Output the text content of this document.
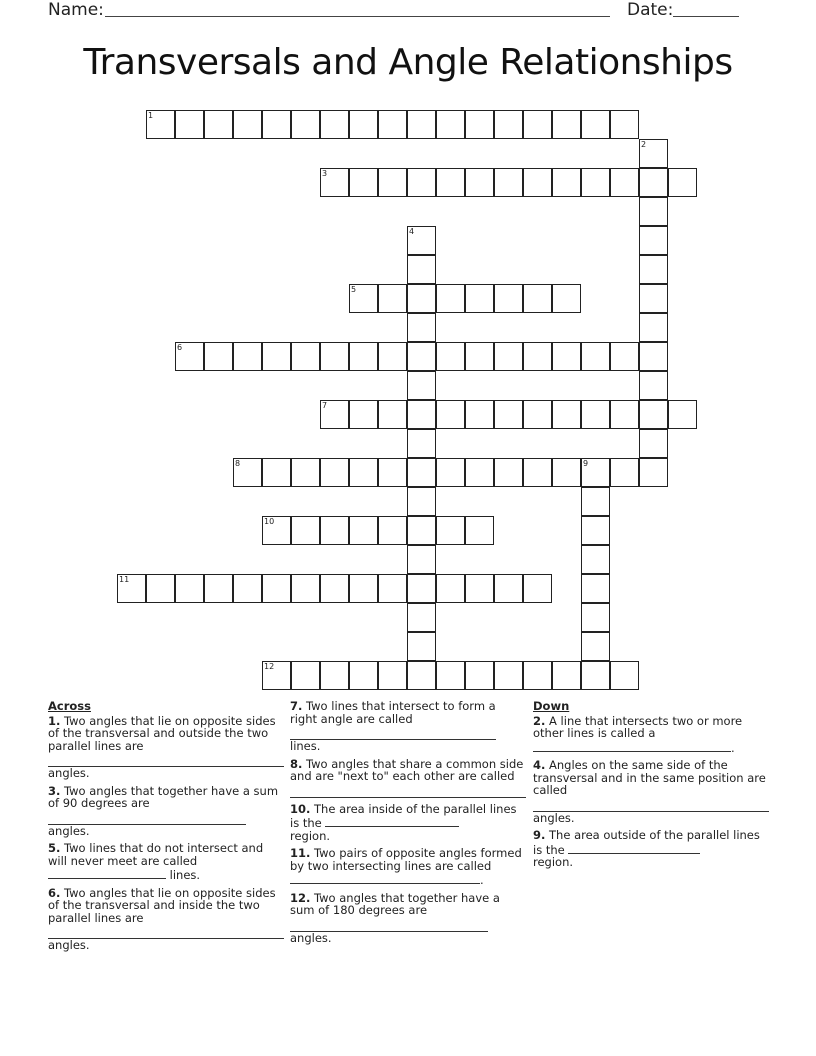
Name:	Date:
Transversals and Angle Relationships
1
2
3
4
5
6
7
8	9
10
11
12
Across
1. Two angles that lie on opposite sides of the transversal and outside the two parallel lines are
angles.
3. Two angles that together have a sum of 90 degrees are
angles.
5. Two lines that do not intersect and will never meet are called  lines.
6. Two angles that lie on opposite sides of the transversal and inside the two parallel lines are
angles.
7. Two lines that intersect to form a right angle are called
lines.
8. Two angles that share a common side and are "next to" each other are called
10. The area inside of the parallel lines is the
region.
11. Two pairs of opposite angles formed by two intersecting lines are called .
12. Two angles that together have a sum of 180 degrees are
angles.
Down
2. A line that intersects two or more other lines is called a .
4. Angles on the same side of the transversal and in the same position are called
angles.
9. The area outside of the parallel lines is the
region.
